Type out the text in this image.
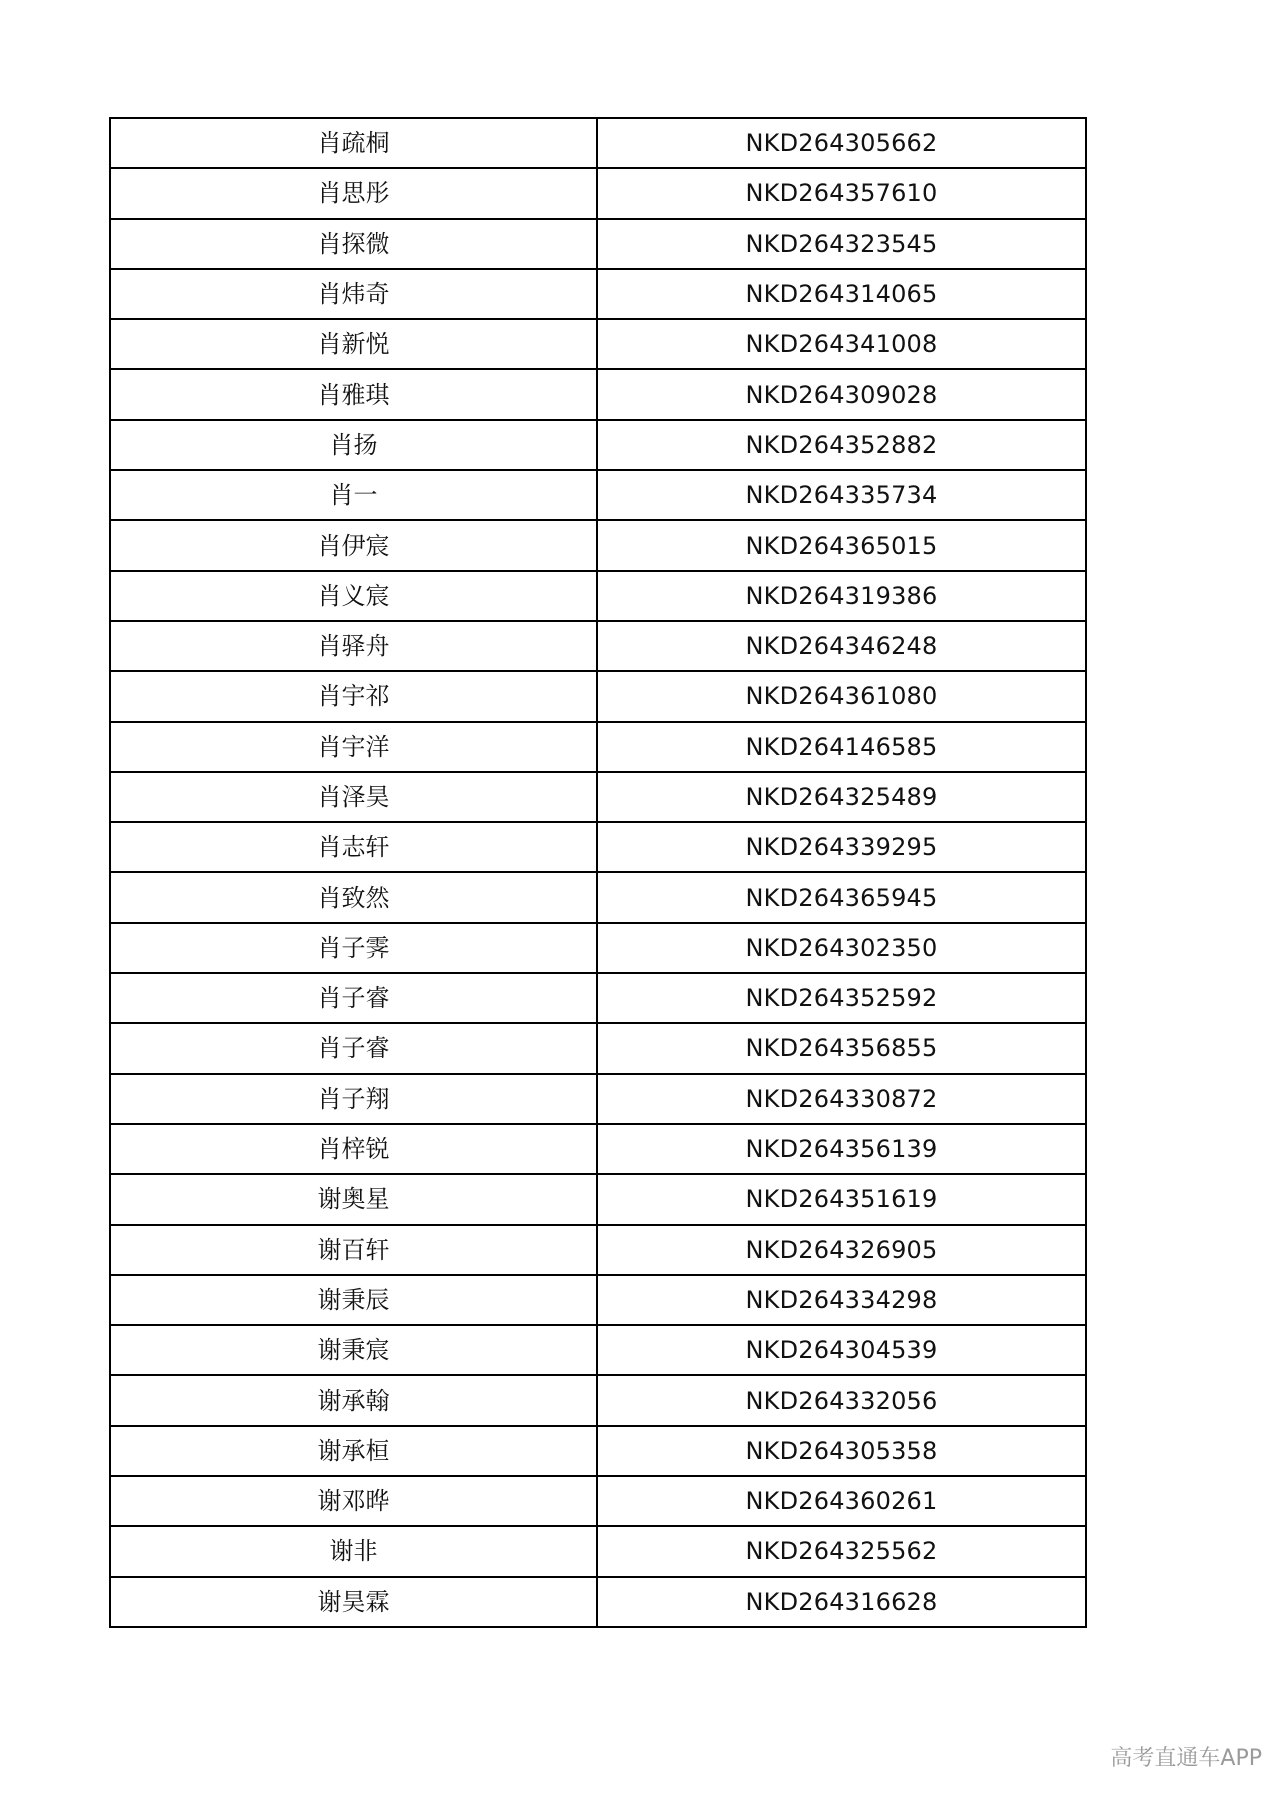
肖疏桐	NKD264305662
肖思彤	NKD264357610
肖探微	NKD264323545
肖炜奇	NKD264314065
肖新悦	NKD264341008
肖雅琪	NKD264309028
肖扬	NKD264352882
肖一	NKD264335734
肖伊宸	NKD264365015
肖义宸	NKD264319386
肖驿舟	NKD264346248
肖宇祁	NKD264361080
肖宇洋	NKD264146585
肖泽昊	NKD264325489
肖志轩	NKD264339295
肖致然	NKD264365945
肖子霁	NKD264302350
肖子睿	NKD264352592
肖子睿	NKD264356855
肖子翔	NKD264330872
肖梓锐	NKD264356139
谢奥星	NKD264351619
谢百轩	NKD264326905
谢秉辰	NKD264334298
谢秉宸	NKD264304539
谢承翰	NKD264332056
谢承桓	NKD264305358
谢邓晔	NKD264360261
谢非	NKD264325562
谢昊霖	NKD264316628
高考直通车APP
